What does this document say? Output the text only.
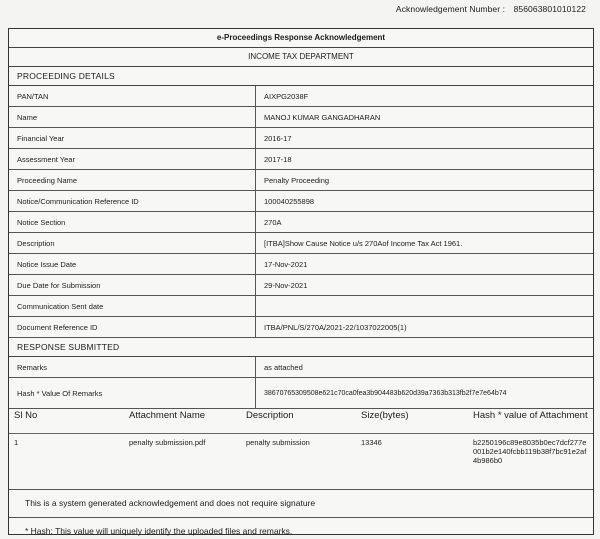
Acknowledgement Number : 856063801010122
e-Proceedings Response Acknowledgement
INCOME TAX DEPARTMENT
PROCEEDING DETAILS
PAN/TAN	AIXPG2038F
Name	MANOJ KUMAR GANGADHARAN
Financial Year	2016-17
Assessment Year	2017-18
Proceeding Name	Penalty Proceeding
Notice/Communication Reference ID	100040255898
Notice Section	270A
Description	[ITBA]Show Cause Notice u/s 270Aof Income Tax Act 1961.
Notice Issue Date	17-Nov-2021
Due Date for Submission	29-Nov-2021
Communication Sent date	
Document Reference ID	ITBA/PNL/S/270A/2021-22/1037022005(1)
RESPONSE SUBMITTED
Remarks	as attached
Hash * Value Of Remarks	38670765309508e621c70ca0fea3b904483b620d39a7363b313fb2f7e7e64b74
Sl No	Attachment Name	Description	Size(bytes)	Hash * value of Attachment
1	penalty submission.pdf	penalty submission	13346	b2250196c89e8035b0ec7dcf277e001b2e140fcbb119b38f7bc91e2af4b986b0
This is a system generated acknowledgement and does not require signature
* Hash: This value will uniquely identify the uploaded files and remarks.
